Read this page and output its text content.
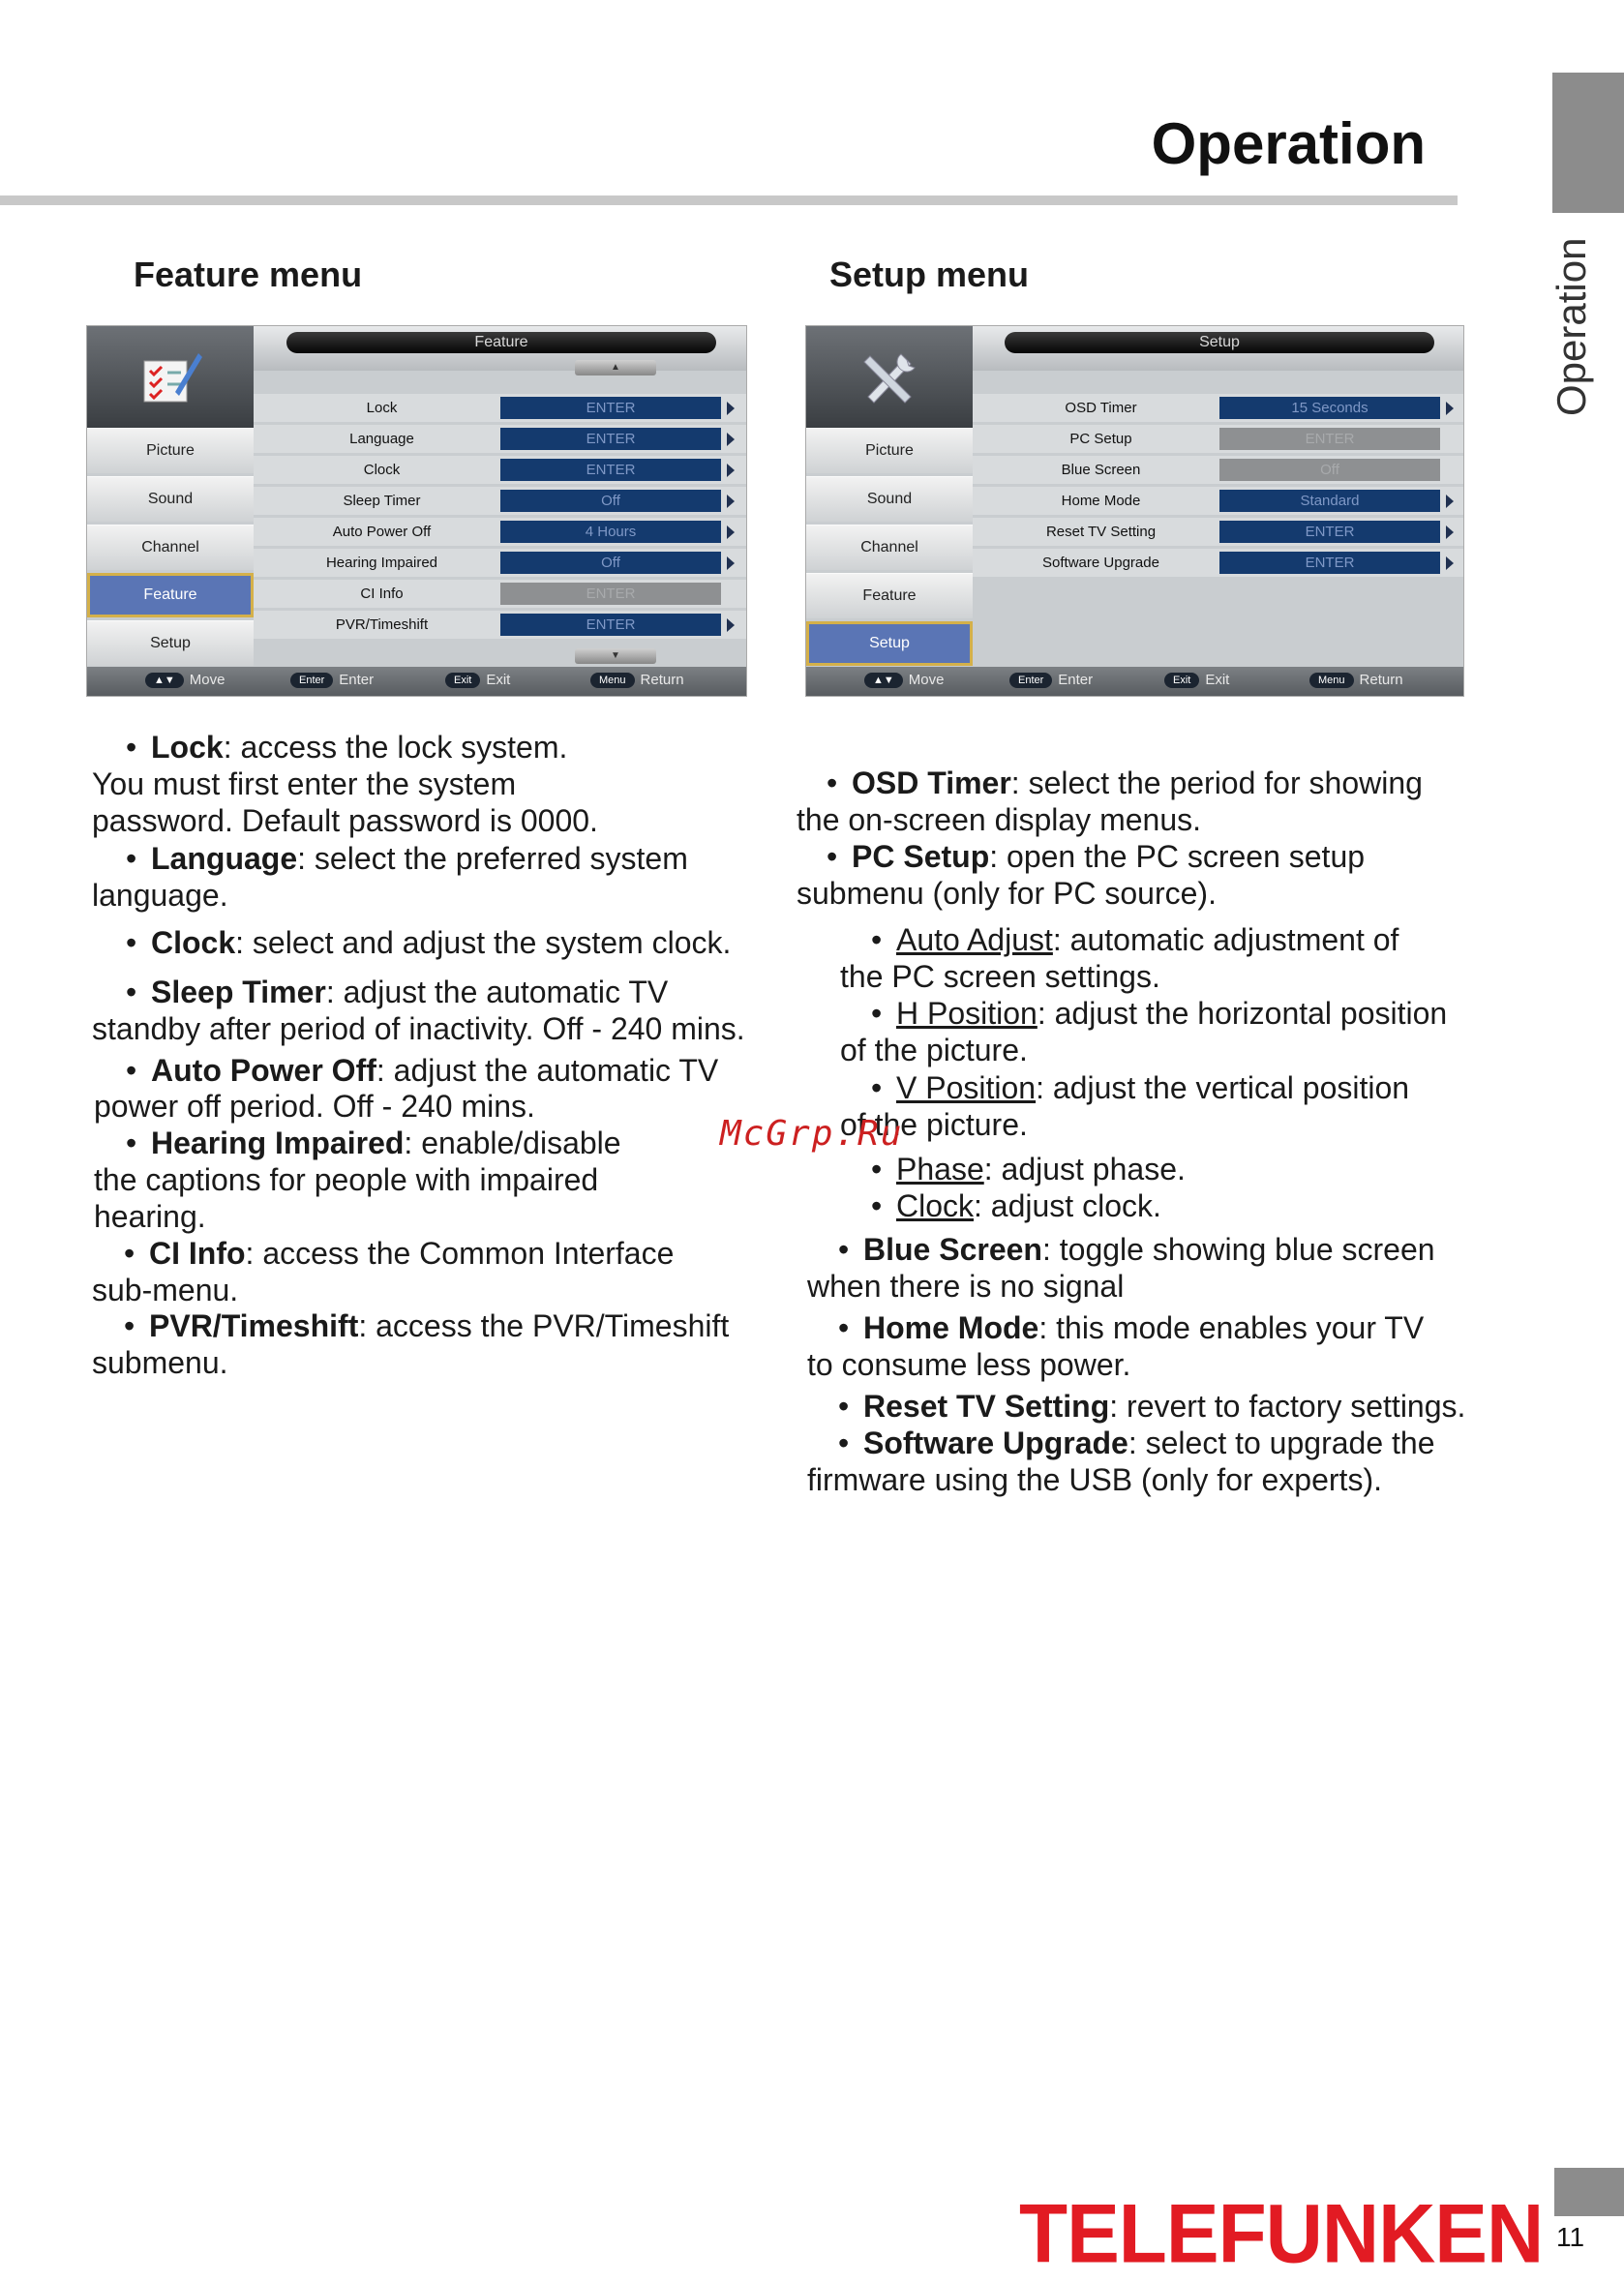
Operation
Operation
Feature menu	Setup menu
Feature
Picture
Sound
Channel
Feature
Setup
▲
Lock	ENTER
Language	ENTER
Clock	ENTER
Sleep Timer	Off
Auto Power Off	4 Hours
Hearing Impaired	Off
CI Info	ENTER
PVR/Timeshift	ENTER
▼
▲▼	Move	Enter	Enter	Exit	Exit	Menu	Return
Setup
Picture
Sound
Channel
Feature
Setup
OSD Timer	15 Seconds
PC Setup	ENTER
Blue Screen	Off
Home Mode	Standard
Reset TV Setting	ENTER
Software Upgrade	ENTER
▲▼	Move	Enter	Enter	Exit	Exit	Menu	Return
• Lock: access the lock system.
You must first enter the system
password. Default password is 0000.
• Language: select the preferred system
language.
• Clock: select and adjust the system clock.
• Sleep Timer: adjust the automatic TV
standby after period of inactivity. Off - 240 mins.
• Auto Power Off: adjust the automatic TV
power off period. Off - 240 mins.
• Hearing Impaired: enable/disable
the captions for people with impaired
hearing.
• CI Info: access the Common Interface
sub-menu.
• PVR/Timeshift: access the PVR/Timeshift
submenu.
• OSD Timer: select the period for showing
the on-screen display menus.
• PC Setup: open the PC screen setup
submenu (only for PC source).
• Auto Adjust: automatic adjustment of
the PC screen settings.
• H Position: adjust the horizontal position
of the picture.
• V Position: adjust the vertical position
of the picture.
• Phase: adjust phase.
• Clock: adjust clock.
• Blue Screen: toggle showing blue screen
when there is no signal
• Home Mode: this mode enables your TV
to consume less power.
• Reset TV Setting: revert to factory settings.
• Software Upgrade: select to upgrade the
firmware using the USB (only for experts).
McGrp.Ru
TELEFUNKEN 11
